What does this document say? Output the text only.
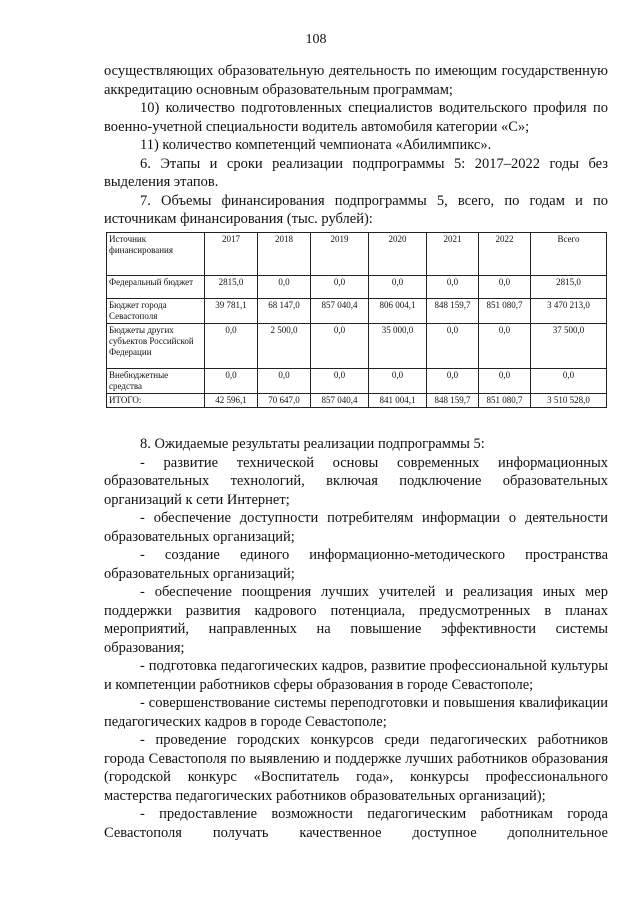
108

осуществляющих образовательную деятельность по имеющим государственную аккредитацию основным образовательным программам;

10) количество подготовленных специалистов водительского профиля по военно-учетной специальности водитель автомобиля категории «С»;

11) количество компетенций чемпионата «Абилимпикс».

6. Этапы и сроки реализации подпрограммы 5: 2017–2022 годы без выделения этапов.

7. Объемы финансирования подпрограммы 5, всего, по годам и по источникам финансирования (тыс. рублей):

Источник финансирования	2017	2018	2019	2020	2021	2022	Всего
Федеральный бюджет	2815,0	0,0	0,0	0,0	0,0	0,0	2815,0
Бюджет города Севастополя	39 781,1	68 147,0	857 040,4	806 004,1	848 159,7	851 080,7	3 470 213,0
Бюджеты других субъектов Российской Федерации	0,0	2 500,0	0,0	35 000,0	0,0	0,0	37 500,0
Внебюджетные средства	0,0	0,0	0,0	0,0	0,0	0,0	0,0
ИТОГО:	42 596,1	70 647,0	857 040,4	841 004,1	848 159,7	851 080,7	3 510 528,0

8. Ожидаемые результаты реализации подпрограммы 5:

- развитие технической основы современных информационных образовательных технологий, включая подключение образовательных организаций к сети Интернет;

- обеспечение доступности потребителям информации о деятельности образовательных организаций;

- создание единого информационно-методического пространства образовательных организаций;

- обеспечение поощрения лучших учителей и реализация иных мер поддержки развития кадрового потенциала, предусмотренных в планах мероприятий, направленных на повышение эффективности системы образования;

- подготовка педагогических кадров, развитие профессиональной культуры и компетенции работников сферы образования в городе Севастополе;

- совершенствование системы переподготовки и повышения квалификации педагогических кадров в городе Севастополе;

- проведение городских конкурсов среди педагогических работников города Севастополя по выявлению и поддержке лучших работников образования (городской конкурс «Воспитатель года», конкурсы профессионального мастерства педагогических работников образовательных организаций);

- предоставление возможности педагогическим работникам города Севастополя получать качественное доступное дополнительное
